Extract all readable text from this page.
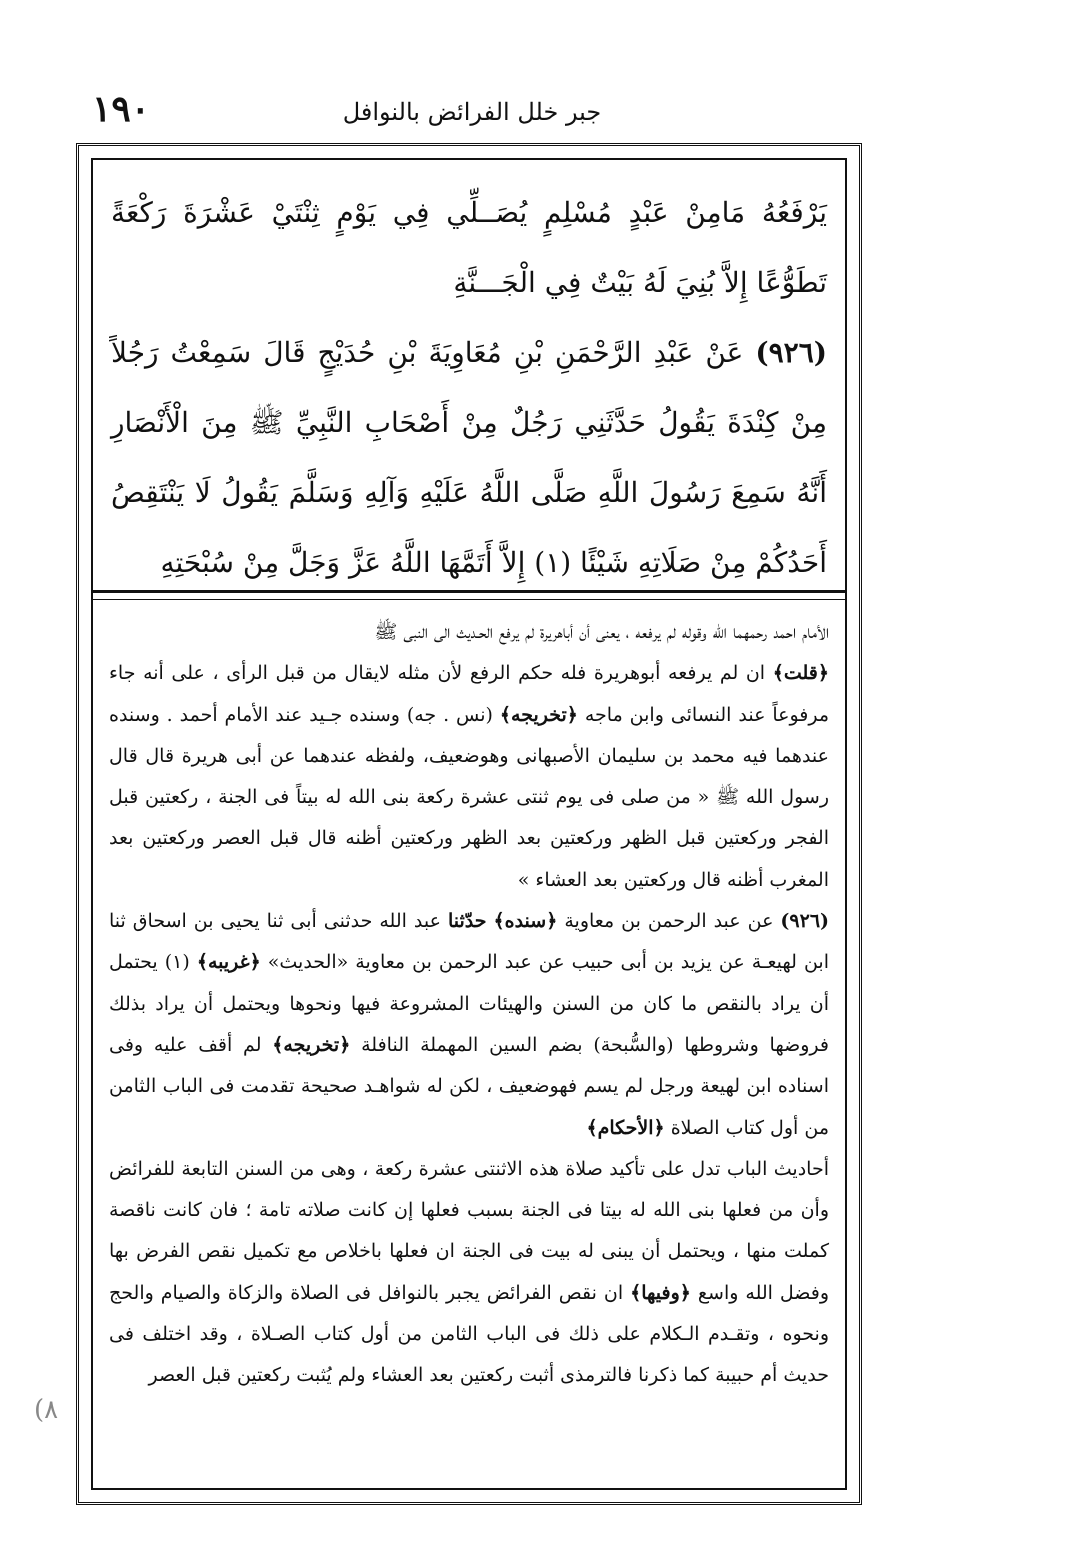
١٩٠	جبر خلل الفرائض بالنوافل

يَرْفَعُهُ مَامِنْ عَبْدٍ مُسْلِمٍ يُصَــلِّي فِي يَوْمٍ ثِنْتَيْ عَشْرَةَ رَكْعَةً تَطَوُّعًا إِلاَّ بُنِيَ لَهُ بَيْتٌ فِي الْجَـــنَّةِ

(٩٢٦) عَنْ عَبْدِ الرَّحْمَنِ بْنِ مُعَاوِيَةَ بْنِ حُدَيْجٍ قَالَ سَمِعْتُ رَجُلاً مِنْ كِنْدَةَ يَقُولُ حَدَّثَنِي رَجُلٌ مِنْ أَصْحَابِ النَّبِيِّ ﷺ مِنَ الْأَنْصَارِ أَنَّهُ سَمِعَ رَسُولَ اللَّهِ صَلَّى اللَّهُ عَلَيْهِ وَآلِهِ وَسَلَّمَ يَقُولُ لَا يَنْتَقِصُ أَحَدُكُمْ مِنْ صَلَاتِهِ شَيْئًا (١) إِلاَّ أَتَمَّهَا اللَّهُ عَزَّ وَجَلَّ مِنْ سُبْحَتِهِ

الأمام احمد رحمهما الله وقوله لم يرفعه ، يعنى أن أباهريرة لم يرفع الحـديث الى النبى ﷺ

﴿قلت﴾ ان لم يرفعه أبوهريرة فله حكم الرفع لأن مثله لايقال من قبل الرأى ، على أنه جاء مرفوعاً عند النسائى وابن ماجه ﴿تخريجه﴾ (نس . جه) وسنده جـيد عند الأمام أحمد . وسنده عندهما فيه محمد بن سليمان الأصبهانى وهوضعيف، ولفظه عندهما عن أبى هريرة قال قال رسول الله ﷺ « من صلى فى يوم ثنتى عشرة ركعة بنى الله له بيتاً فى الجنة ، ركعتين قبل الفجر وركعتين قبل الظهر وركعتين بعد الظهر وركعتين أظنه قال قبل العصر وركعتين بعد المغرب أظنه قال وركعتين بعد العشاء »

(٩٢٦) عن عبد الرحمن بن معاوية ﴿سنده﴾ حدّثنا عبد الله حدثنى أبى ثنا يحيى بن اسحاق ثنا ابن لهيعـة عن يزيد بن أبى حبيب عن عبد الرحمن بن معاوية «الحديث» ﴿غريبه﴾ (١) يحتمل أن يراد بالنقص ما كان من السنن والهيئات المشروعة فيها ونحوها ويحتمل أن يراد بذلك فروضها وشروطها (والسُّبحة) بضم السين المهملة النافلة ﴿تخريجه﴾ لم أقف عليه وفى اسناده ابن لهيعة ورجل لم يسم فهوضعيف ، لكن له شواهـد صحيحة تقدمت فى الباب الثامن من أول كتاب الصلاة ﴿الأحكام﴾

أحاديث الباب تدل على تأكيد صلاة هذه الاثنتى عشرة ركعة ، وهى من السنن التابعة للفرائض وأن من فعلها بنى الله له بيتا فى الجنة بسبب فعلها إن كانت صلاته تامة ؛ فان كانت ناقصة كملت منها ، ويحتمل أن يبنى له بيت فى الجنة ان فعلها باخلاص مع تكميل نقص الفرض بها وفضل الله واسع ﴿وفيها﴾ ان نقص الفرائض يجبر بالنوافل فى الصلاة والزكاة والصيام والحج ونحوه ، وتقـدم الـكلام على ذلك فى الباب الثامن من أول كتاب الصـلاة ، وقد اختلف فى حديث أم حبيبة كما ذكرنا فالترمذى أثبت ركعتين بعد العشاء ولم يُثبت ركعتين قبل العصر

(٨
